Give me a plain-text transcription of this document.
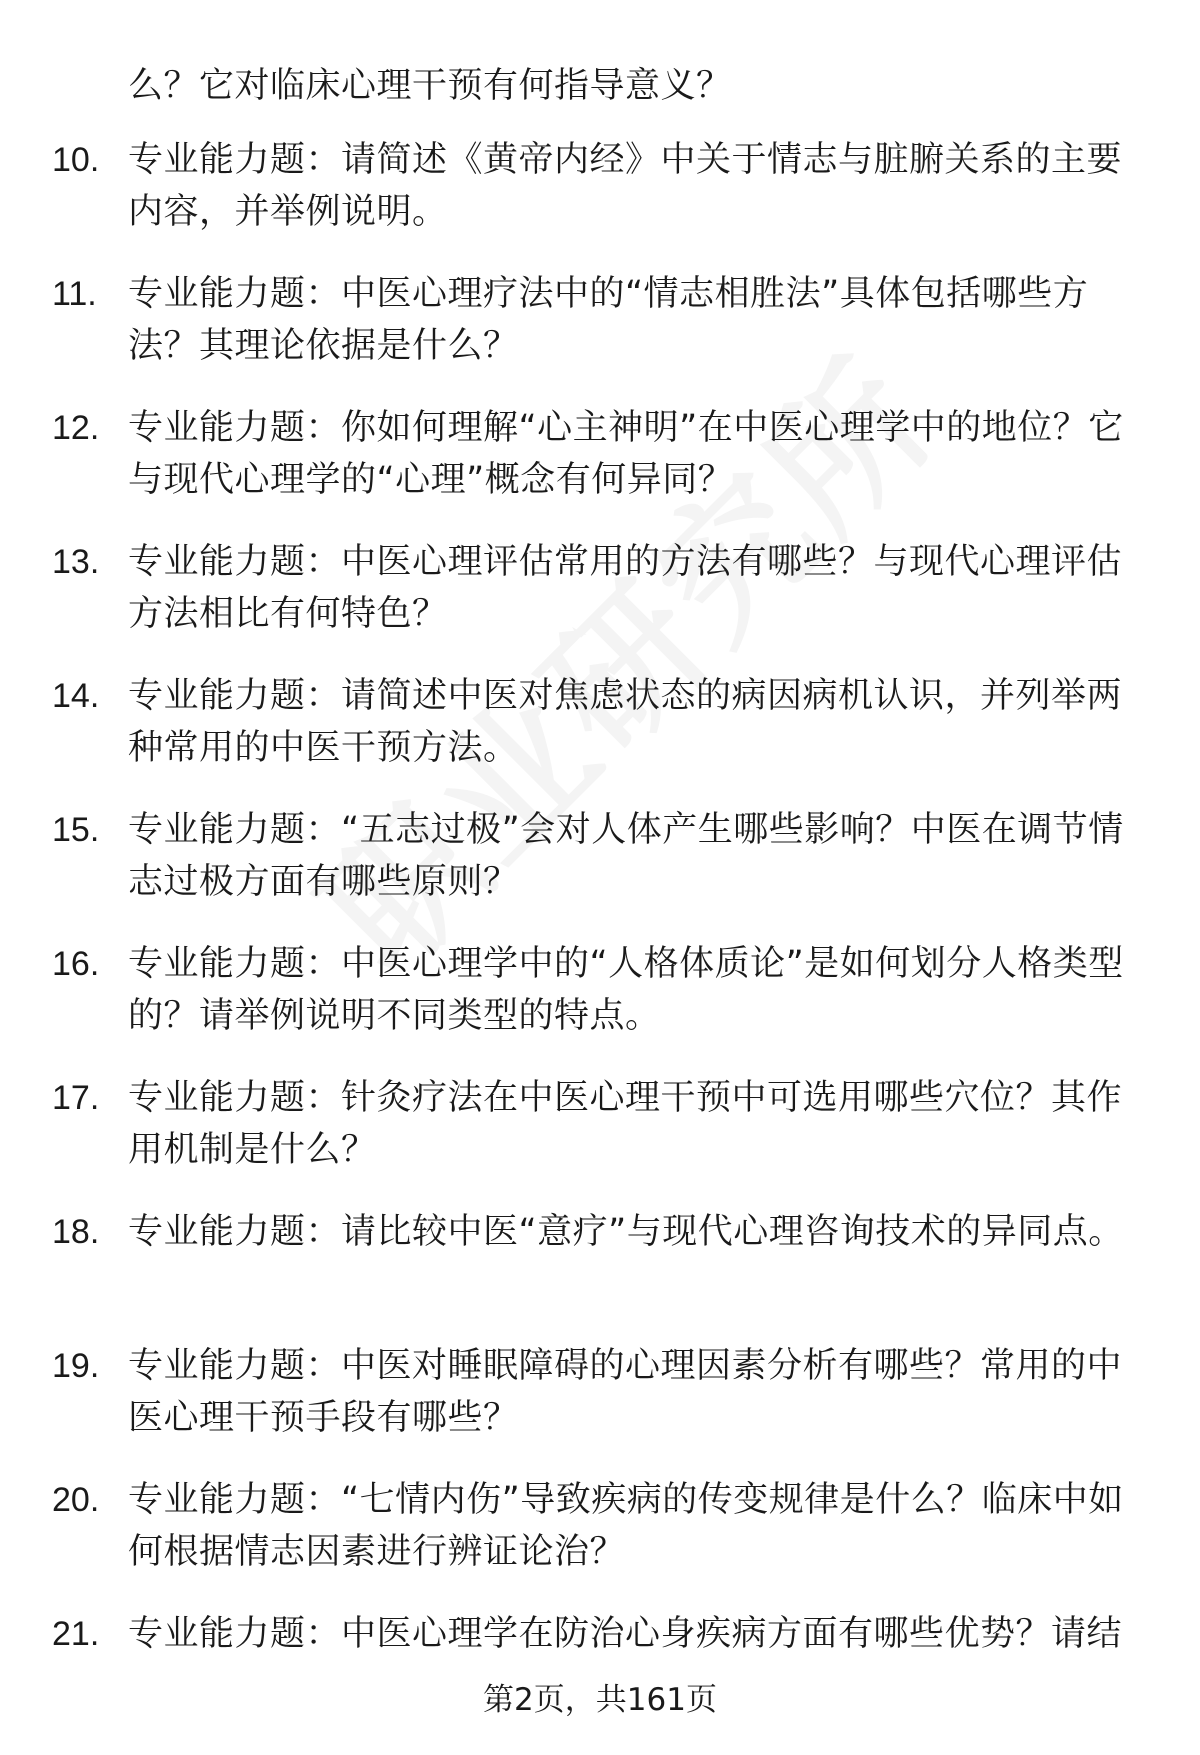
么？它对临床心理干预有何指导意义？
10. 专业能力题：请简述《黄帝内经》中关于情志与脏腑关系的主要内容，并举例说明。
11. 专业能力题：中医心理疗法中的“情志相胜法”具体包括哪些方法？其理论依据是什么？
12. 专业能力题：你如何理解“心主神明”在中医心理学中的地位？它与现代心理学的“心理”概念有何异同？
13. 专业能力题：中医心理评估常用的方法有哪些？与现代心理评估方法相比有何特色？
14. 专业能力题：请简述中医对焦虑状态的病因病机认识，并列举两种常用的中医干预方法。
15. 专业能力题：“五志过极”会对人体产生哪些影响？中医在调节情志过极方面有哪些原则？
16. 专业能力题：中医心理学中的“人格体质论”是如何划分人格类型的？请举例说明不同类型的特点。
17. 专业能力题：针灸疗法在中医心理干预中可选用哪些穴位？其作用机制是什么？
18. 专业能力题：请比较中医“意疗”与现代心理咨询技术的异同点。
19. 专业能力题：中医对睡眠障碍的心理因素分析有哪些？常用的中医心理干预手段有哪些？
20. 专业能力题：“七情内伤”导致疾病的传变规律是什么？临床中如何根据情志因素进行辨证论治？
21. 专业能力题：中医心理学在防治心身疾病方面有哪些优势？请结
第2页，共161页
